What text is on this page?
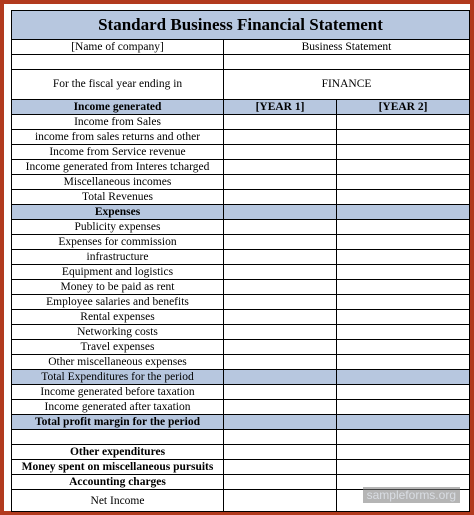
Standard Business Financial Statement
[Name of company]	Business Statement
For the fiscal year ending in	FINANCE
Income generated	[YEAR 1]	[YEAR 2]
Income from Sales
income from sales returns and other
Income from Service revenue
Income generated from Interes tcharged
Miscellaneous incomes
Total Revenues
Expenses
Publicity expenses
Expenses for commission
infrastructure
Equipment and logistics
Money to be paid as rent
Employee salaries and benefits
Rental expenses
Networking costs
Travel expenses
Other miscellaneous expenses
Total Expenditures for the period
Income generated before taxation
Income generated after taxation
Total profit margin for the period
Other expenditures
Money spent on miscellaneous pursuits
Accounting charges
Net Income	sampleforms.org
